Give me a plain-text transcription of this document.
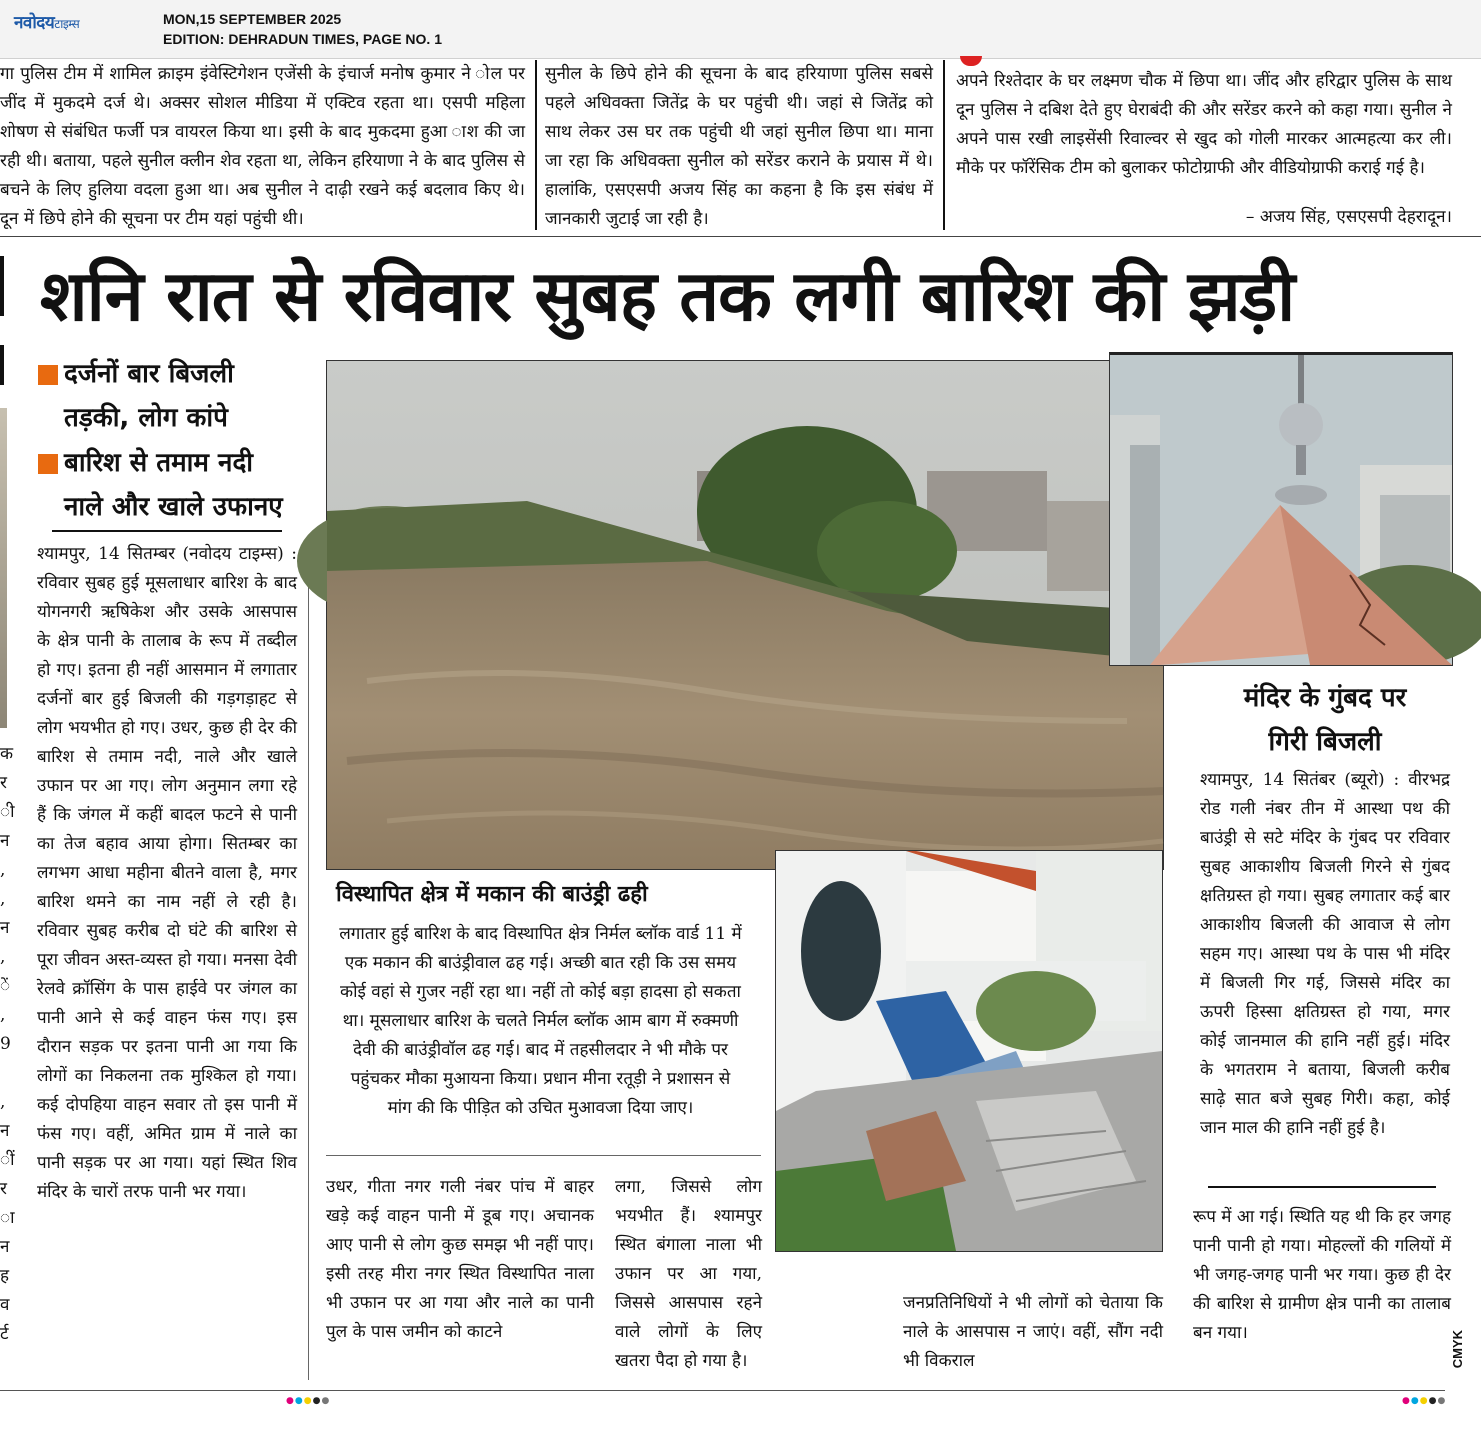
नवोदयटाइम्स	MON,15 SEPTEMBER 2025
EDITION: DEHRADUN TIMES, PAGE NO. 1
गा पुलिस टीम में शामिल क्राइम इंवेस्टिगेशन एजेंसी के इंचार्ज मनोष कुमार ने ोल पर जींद में मुकदमे दर्ज थे। अक्सर सोशल मीडिया में एक्टिव रहता था। एसपी महिला शोषण से संबंधित फर्जी पत्र वायरल किया था। इसी के बाद मुकदमा हुआ ाश की जा रही थी। बताया, पहले सुनील क्लीन शेव रहता था, लेकिन हरियाणा ने के बाद पुलिस से बचने के लिए हुलिया वदला हुआ था। अब सुनील ने दाढ़ी रखने कई बदलाव किए थे। दून में छिपे होने की सूचना पर टीम यहां पहुंची थी।
सुनील के छिपे होने की सूचना के बाद हरियाणा पुलिस सबसे पहले अधिवक्ता जितेंद्र के घर पहुंची थी। जहां से जितेंद्र को साथ लेकर उस घर तक पहुंची थी जहां सुनील छिपा था। माना जा रहा कि अधिवक्ता सुनील को सरेंडर कराने के प्रयास में थे। हालांकि, एसएसपी अजय सिंह का कहना है कि इस संबंध में जानकारी जुटाई जा रही है।
अपने रिश्तेदार के घर लक्ष्मण चौक में छिपा था। जींद और हरिद्वार पुलिस के साथ दून पुलिस ने दबिश देते हुए घेराबंदी की और सरेंडर करने को कहा गया। सुनील ने अपने पास रखी लाइसेंसी रिवाल्वर से खुद को गोली मारकर आत्महत्या कर ली। मौके पर फॉरेंसिक टीम को बुलाकर फोटोग्राफी और वीडियोग्राफी कराई गई है।
– अजय सिंह, एसएसपी देहरादून।
शनि रात से रविवार सुबह तक लगी बारिश की झड़ी
क
र
ी
न
,
,
न
,
ें
,
9

,
न
ीं
र
ा
न
ह
व
र्ट
दर्जनों बार बिजली
तड़की, लोग कांपे
बारिश से तमाम नदी
नाले और खाले उफानए
श्यामपुर, 14 सितम्बर (नवोदय टाइम्स) : रविवार सुबह हुई मूसलाधार बारिश के बाद योगनगरी ऋषिकेश और उसके आसपास के क्षेत्र पानी के तालाब के रूप में तब्दील हो गए। इतना ही नहीं आसमान में लगातार दर्जनों बार हुई बिजली की गड़गड़ाहट से लोग भयभीत हो गए। उधर, कुछ ही देर की बारिश से तमाम नदी, नाले और खाले उफान पर आ गए। लोग अनुमान लगा रहे हैं कि जंगल में कहीं बादल फटने से पानी का तेज बहाव आया होगा। सितम्बर का लगभग आधा महीना बीतने वाला है, मगर बारिश थमने का नाम नहीं ले रही है। रविवार सुबह करीब दो घंटे की बारिश से पूरा जीवन अस्त-व्यस्त हो गया। मनसा देवी रेलवे क्रॉसिंग के पास हाईवे पर जंगल का पानी आने से कई वाहन फंस गए। इस दौरान सड़क पर इतना पानी आ गया कि लोगों का निकलना तक मुश्किल हो गया। कई दोपहिया वाहन सवार तो इस पानी में फंस गए। वहीं, अमित ग्राम में नाले का पानी सड़क पर आ गया। यहां स्थित शिव मंदिर के चारों तरफ पानी भर गया।
विस्थापित क्षेत्र में मकान की बाउंड्री ढही
लगातार हुई बारिश के बाद विस्थापित क्षेत्र निर्मल ब्लॉक वार्ड 11 में एक मकान की बाउंड्रीवाल ढह गई। अच्छी बात रही कि उस समय कोई वहां से गुजर नहीं रहा था। नहीं तो कोई बड़ा हादसा हो सकता था। मूसलाधार बारिश के चलते निर्मल ब्लॉक आम बाग में रुक्मणी देवी की बाउंड्रीवॉल ढह गई। बाद में तहसीलदार ने भी मौके पर पहुंचकर मौका मुआयना किया। प्रधान मीना रतूड़ी ने प्रशासन से मांग की कि पीड़ित को उचित मुआवजा दिया जाए।
मंदिर के गुंबद पर
गिरी बिजली
श्यामपुर, 14 सितंबर (ब्यूरो) : वीरभद्र रोड गली नंबर तीन में आस्था पथ की बाउंड्री से सटे मंदिर के गुंबद पर रविवार सुबह आकाशीय बिजली गिरने से गुंबद क्षतिग्रस्त हो गया। सुबह लगातार कई बार आकाशीय बिजली की आवाज से लोग सहम गए। आस्था पथ के पास भी मंदिर में बिजली गिर गई, जिससे मंदिर का ऊपरी हिस्सा क्षतिग्रस्त हो गया, मगर कोई जानमाल की हानि नहीं हुई। मंदिर के भगतराम ने बताया, बिजली करीब साढ़े सात बजे सुबह गिरी। कहा, कोई जान माल की हानि नहीं हुई है।
रूप में आ गई। स्थिति यह थी कि हर जगह पानी पानी हो गया। मोहल्लों की गलियों में भी जगह-जगह पानी भर गया। कुछ ही देर की बारिश से ग्रामीण क्षेत्र पानी का तालाब बन गया।
उधर, गीता नगर गली नंबर पांच में बाहर खड़े कई वाहन पानी में डूब गए। अचानक आए पानी से लोग कुछ समझ भी नहीं पाए। इसी तरह मीरा नगर स्थित विस्थापित नाला भी उफान पर आ गया और नाले का पानी पुल के पास जमीन को काटने
लगा, जिससे लोग भयभीत हैं। श्यामपुर स्थित बंगाला नाला भी उफान पर आ गया, जिससे आसपास रहने वाले लोगों के लिए खतरा पैदा हो गया है।
जनप्रतिनिधियों ने भी लोगों को चेताया कि नाले के आसपास न जाएं। वहीं, सौंग नदी भी विकराल
●●●●●	●●●●●
CMYK
